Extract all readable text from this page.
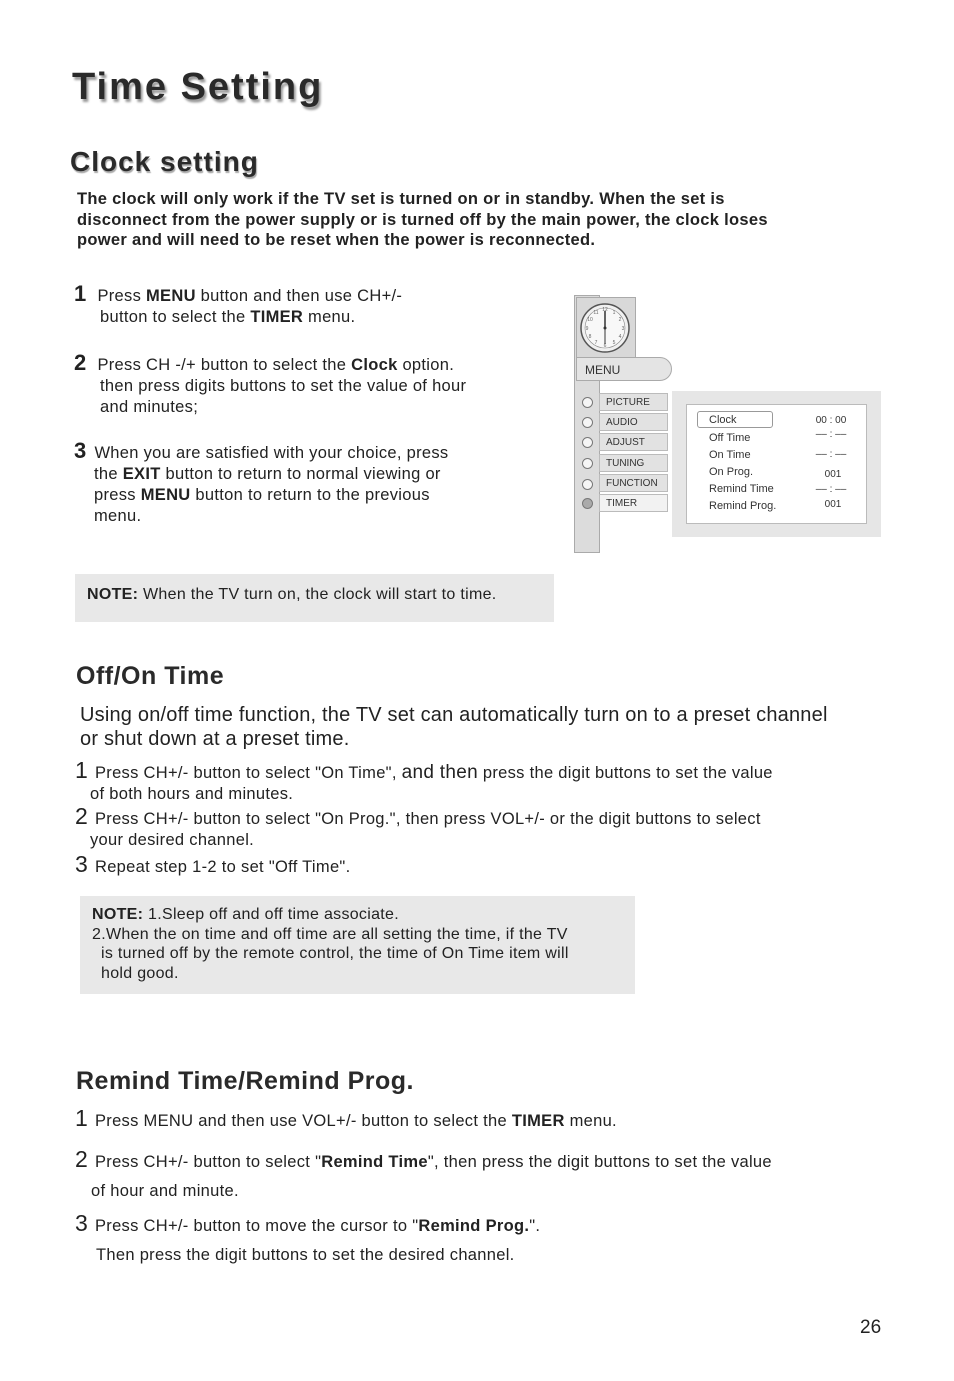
Time Setting
Clock setting
The clock will only work if the TV set is turned on or in standby. When the set is
disconnect from the power supply or is turned off by the main power, the clock loses
power and will need to be reset when the power is reconnected.
1 Press MENU button and then use CH+/-
button to select the TIMER menu.
2 Press CH -/+ button to select the Clock option.
then press digits buttons to set the value of hour
and minutes;
3 When you are satisfied with your choice, press
the EXIT button to return to normal viewing or
press MENU button to return to the previous
menu.
NOTE: When the TV turn on, the clock will start to time.
12 1
2
3
4
5
6
7
8
9
10
11
MENU
PICTURE
AUDIO
ADJUST
TUNING
FUNCTION
TIMER
Clock	00 : 00
Off Time	–– : ––
On Time	–– : ––
On Prog.	001
Remind Time	–– : ––
Remind Prog.	001
Off/On Time
Using on/off time function, the TV set can automatically turn on to a preset channel
or shut down at a preset time.
1 Press CH+/- button to select "On Time", and then press the digit buttons to set the value
of both hours and minutes.
2 Press CH+/- button to select "On Prog.", then press VOL+/- or the digit buttons to select
your desired channel.
3 Repeat step 1-2 to set "Off Time".
NOTE: 1.Sleep off and off time associate.
2.When the on time and off time are all setting the time, if the TV
is turned off by the remote control, the time of On Time item will
hold good.
Remind Time/Remind Prog.
1 Press MENU and then use VOL+/- button to select the TIMER menu.
2 Press CH+/- button to select "Remind Time", then press the digit buttons to set the value
of hour and minute.
3 Press CH+/- button to move the cursor to "Remind Prog.".
Then press the digit buttons to set the desired channel.
26
